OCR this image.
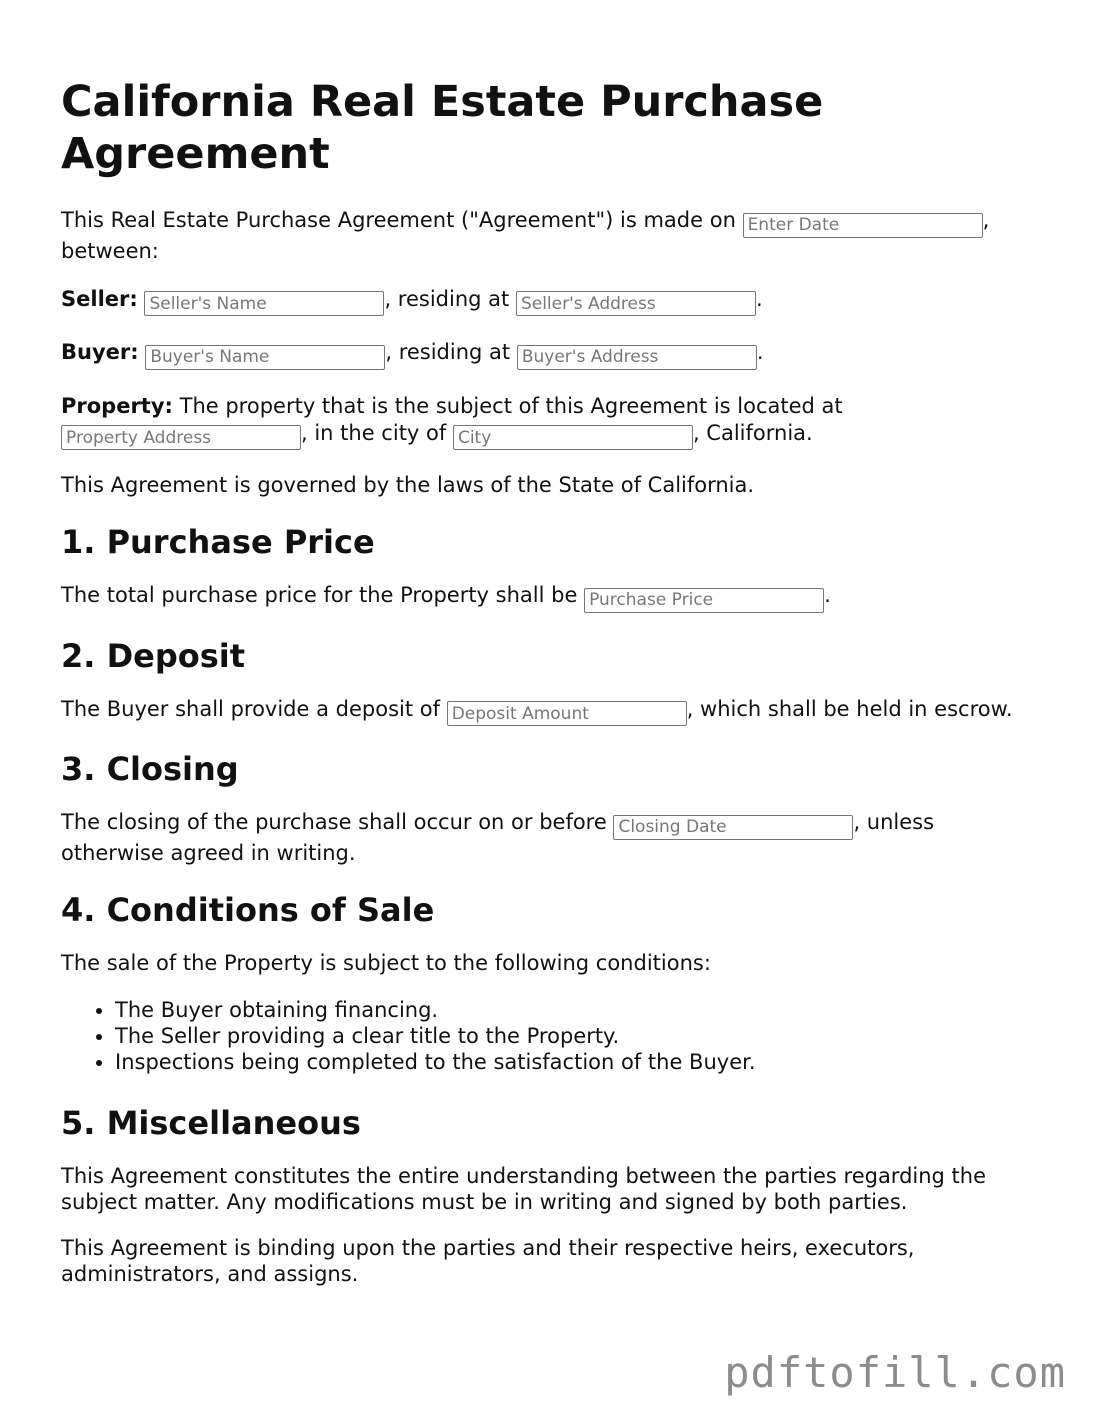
California Real Estate Purchase Agreement

This Real Estate Purchase Agreement ("Agreement") is made on Enter Date	, between:

Seller: Seller's Name	, residing at Seller's Address	.

Buyer: Buyer's Name	, residing at Buyer's Address	.

Property: The property that is the subject of this Agreement is located at Property Address, in the city of City	, California.

This Agreement is governed by the laws of the State of California.

1. Purchase Price

The total purchase price for the Property shall be Purchase Price	.

2. Deposit

The Buyer shall provide a deposit of Deposit Amount	, which shall be held in escrow.

3. Closing

The closing of the purchase shall occur on or before Closing Date	, unless otherwise agreed in writing.

4. Conditions of Sale

The sale of the Property is subject to the following conditions:

• The Buyer obtaining financing.
• The Seller providing a clear title to the Property.
• Inspections being completed to the satisfaction of the Buyer.
5. Miscellaneous

This Agreement constitutes the entire understanding between the parties regarding the subject matter. Any modifications must be in writing and signed by both parties.

This Agreement is binding upon the parties and their respective heirs, executors, administrators, and assigns.

pdftofill.com
